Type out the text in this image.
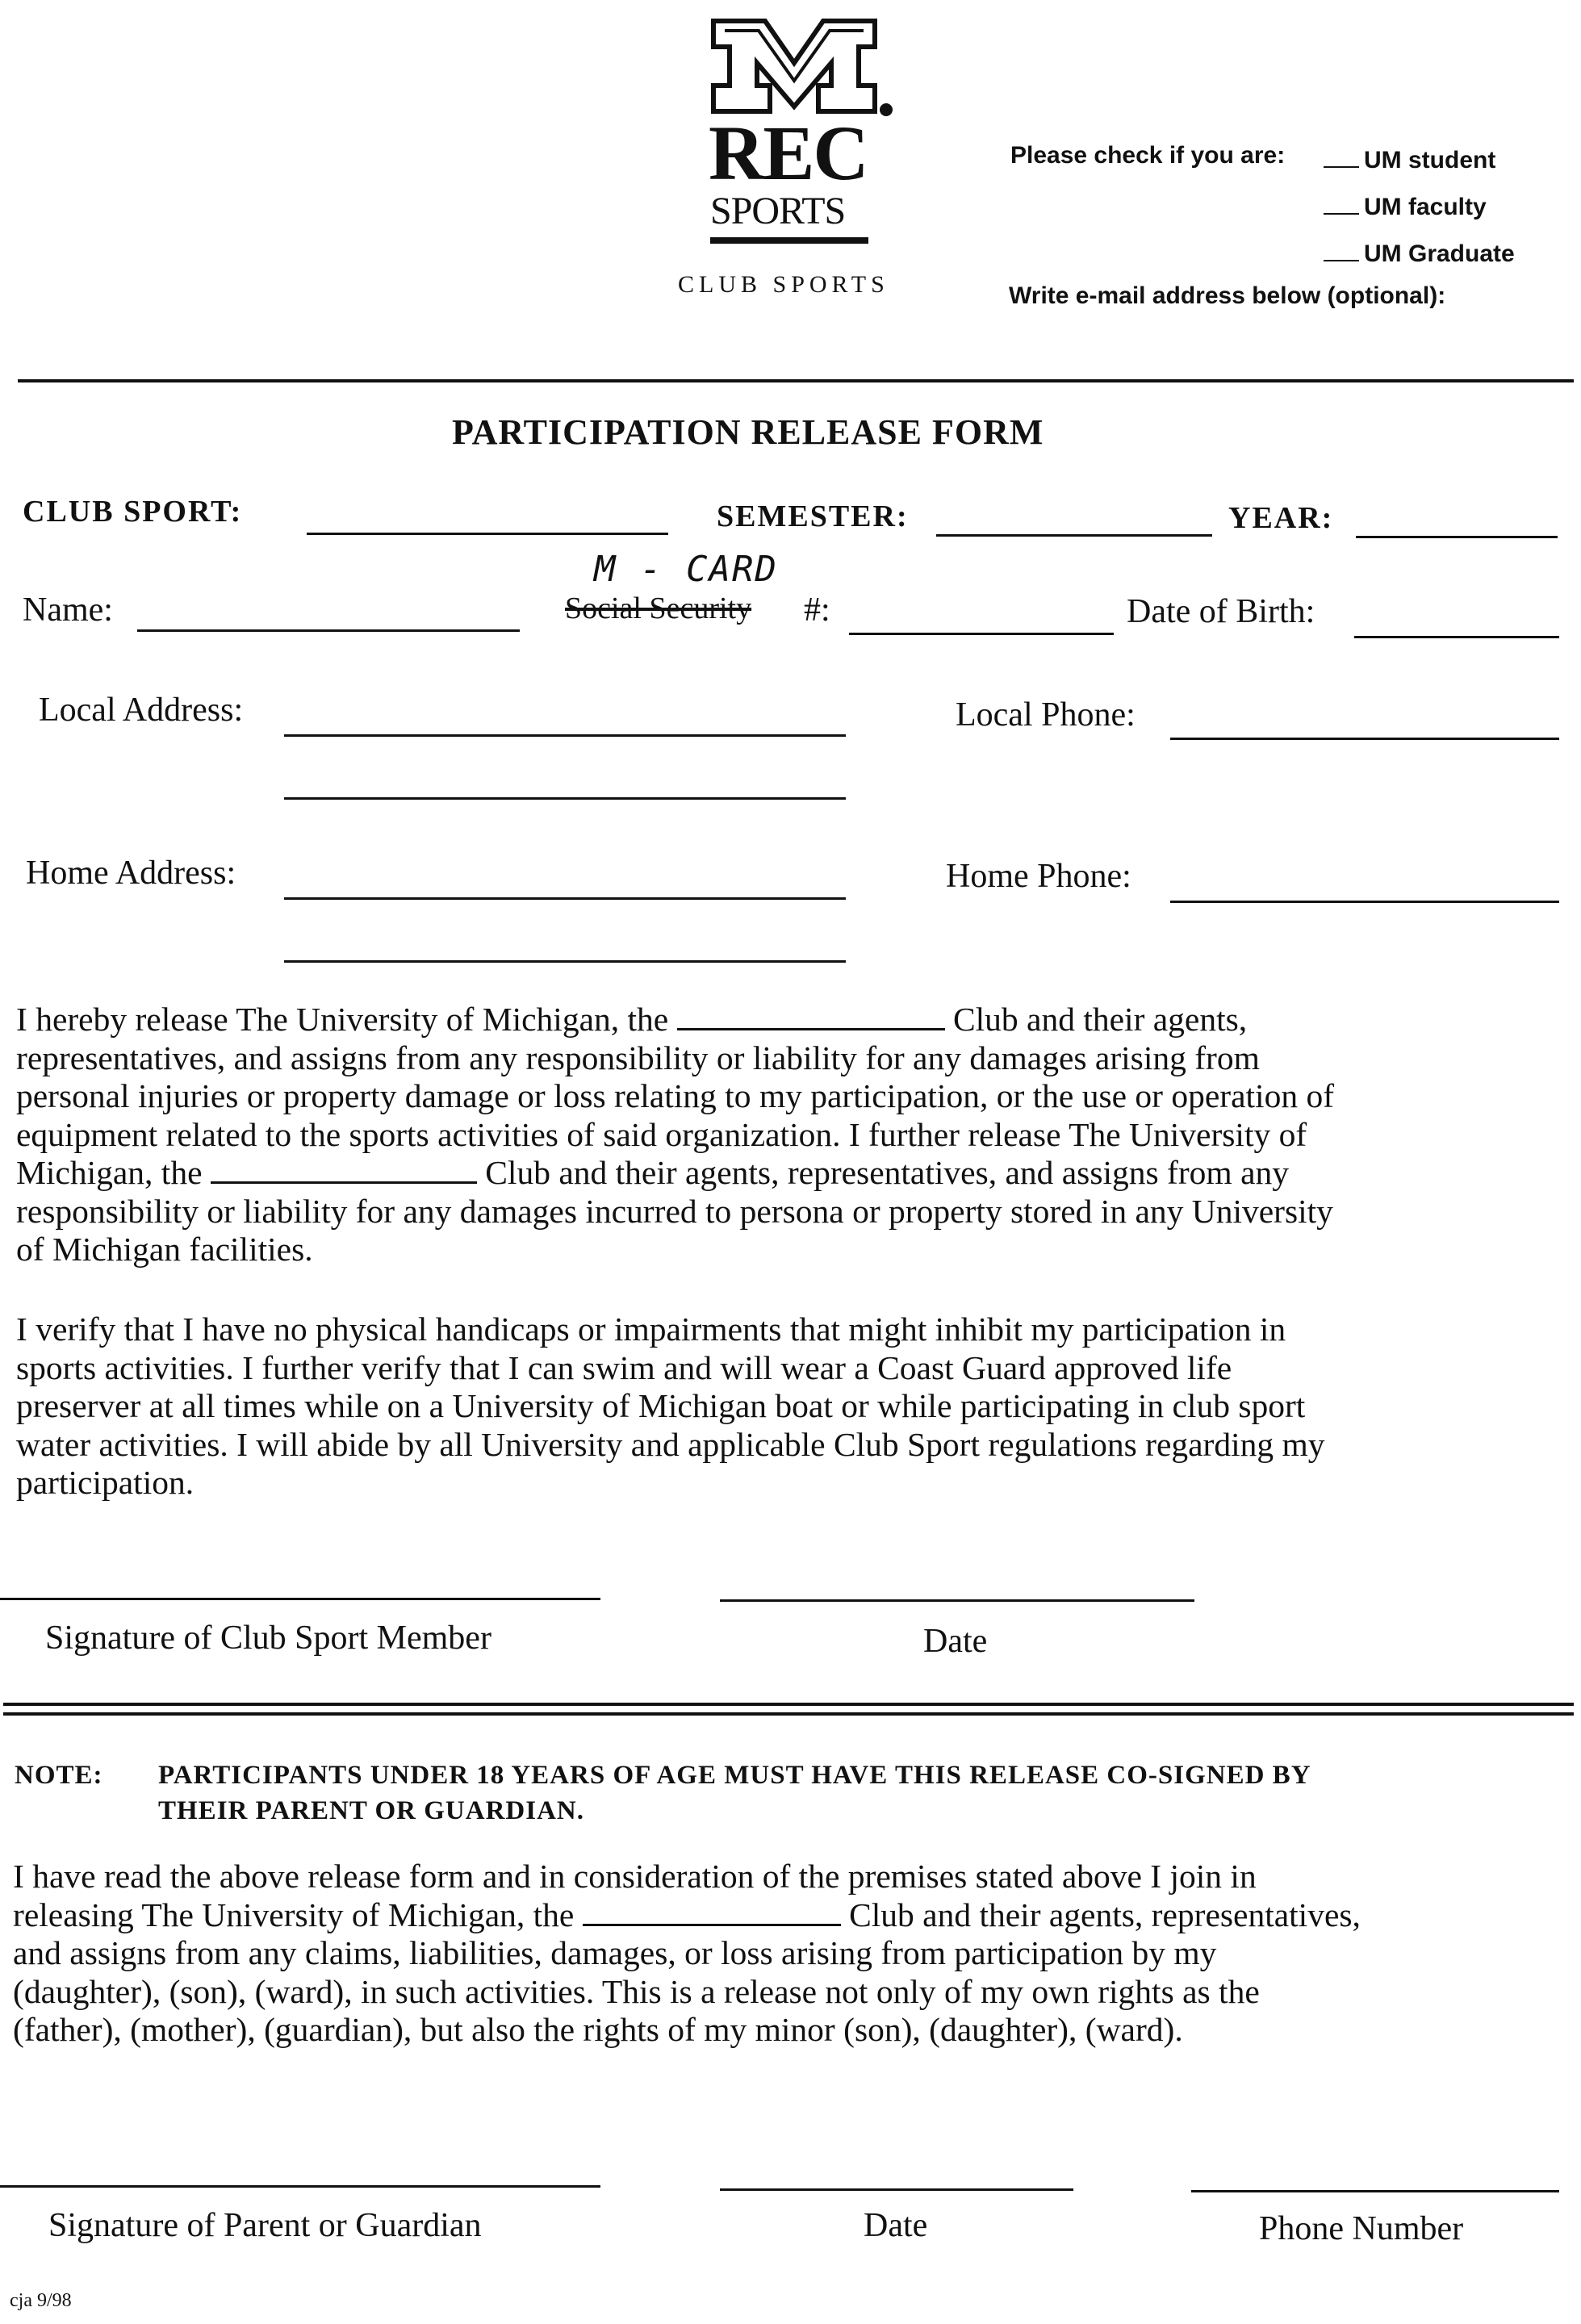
REC
SPORTS
CLUB SPORTS
Please check if you are:	UM student
UM faculty
UM Graduate
Write e-mail address below (optional):
PARTICIPATION RELEASE FORM
CLUB SPORT:	SEMESTER:	YEAR:
Name:
M - CARD
Social Security #:	Date of Birth:
Local Address:	Local Phone:
Home Address:	Home Phone:
I hereby release The University of Michigan, the	Club and their agents,
representatives, and assigns from any responsibility or liability for any damages arising from
personal injuries or property damage or loss relating to my participation, or the use or operation of
equipment related to the sports activities of said organization. I further release The University of
Michigan, the	Club and their agents, representatives, and assigns from any
responsibility or liability for any damages incurred to persona or property stored in any University
of Michigan facilities.
I verify that I have no physical handicaps or impairments that might inhibit my participation in
sports activities. I further verify that I can swim and will wear a Coast Guard approved life
preserver at all times while on a University of Michigan boat or while participating in club sport
water activities. I will abide by all University and applicable Club Sport regulations regarding my
participation.
Signature of Club Sport Member	Date
NOTE: PARTICIPANTS UNDER 18 YEARS OF AGE MUST HAVE THIS RELEASE CO-SIGNED BY
THEIR PARENT OR GUARDIAN.
I have read the above release form and in consideration of the premises stated above I join in
releasing The University of Michigan, the	Club and their agents, representatives,
and assigns from any claims, liabilities, damages, or loss arising from participation by my
(daughter), (son), (ward), in such activities. This is a release not only of my own rights as the
(father), (mother), (guardian), but also the rights of my minor (son), (daughter), (ward).
Signature of Parent or Guardian	Date	Phone Number
cja 9/98
